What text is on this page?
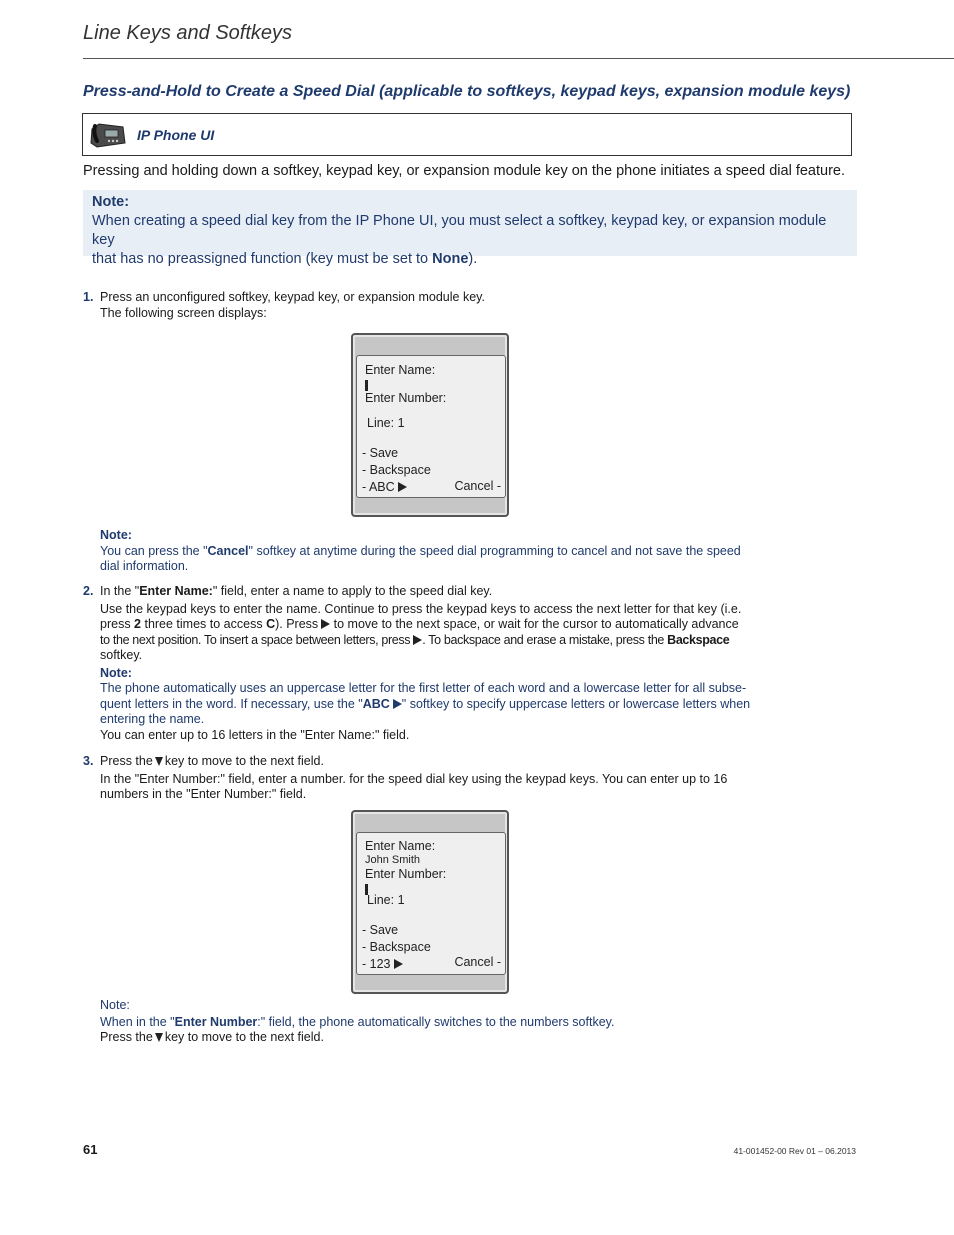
Line Keys and Softkeys
Press-and-Hold to Create a Speed Dial (applicable to softkeys, keypad keys, expansion module keys)
IP Phone UI
Pressing and holding down a softkey, keypad key, or expansion module key on the phone initiates a speed dial feature.
Note:
When creating a speed dial key from the IP Phone UI, you must select a softkey, keypad key, or expansion module key
that has no preassigned function (key must be set to None).
1. Press an unconfigured softkey, keypad key, or expansion module key.
The following screen displays:
Enter Name:
Enter Number:
Line: 1
- Save
- Backspace
- ABC	Cancel -
Note:
You can press the "Cancel" softkey at anytime during the speed dial programming to cancel and not save the speed
dial information.
2. In the "Enter Name:" field, enter a name to apply to the speed dial key.
Use the keypad keys to enter the name. Continue to press the keypad keys to access the next letter for that key (i.e.
press 2 three times to access C). Press to move to the next space, or wait for the cursor to automatically advance
to the next position. To insert a space between letters, press . To backspace and erase a mistake, press the Backspace
softkey.
Note:
The phone automatically uses an uppercase letter for the first letter of each word and a lowercase letter for all subse-
quent letters in the word. If necessary, use the "ABC " softkey to specify uppercase letters or lowercase letters when
entering the name.
You can enter up to 16 letters in the "Enter Name:" field.
3. Press the key to move to the next field.
In the "Enter Number:" field, enter a number. for the speed dial key using the keypad keys. You can enter up to 16
numbers in the "Enter Number:" field.
Enter Name:
John Smith
Enter Number:
Line: 1
- Save
- Backspace
- 123	Cancel -
Note:
When in the "Enter Number:" field, the phone automatically switches to the numbers softkey.
Press the key to move to the next field.
61	41-001452-00 Rev 01 – 06.2013
